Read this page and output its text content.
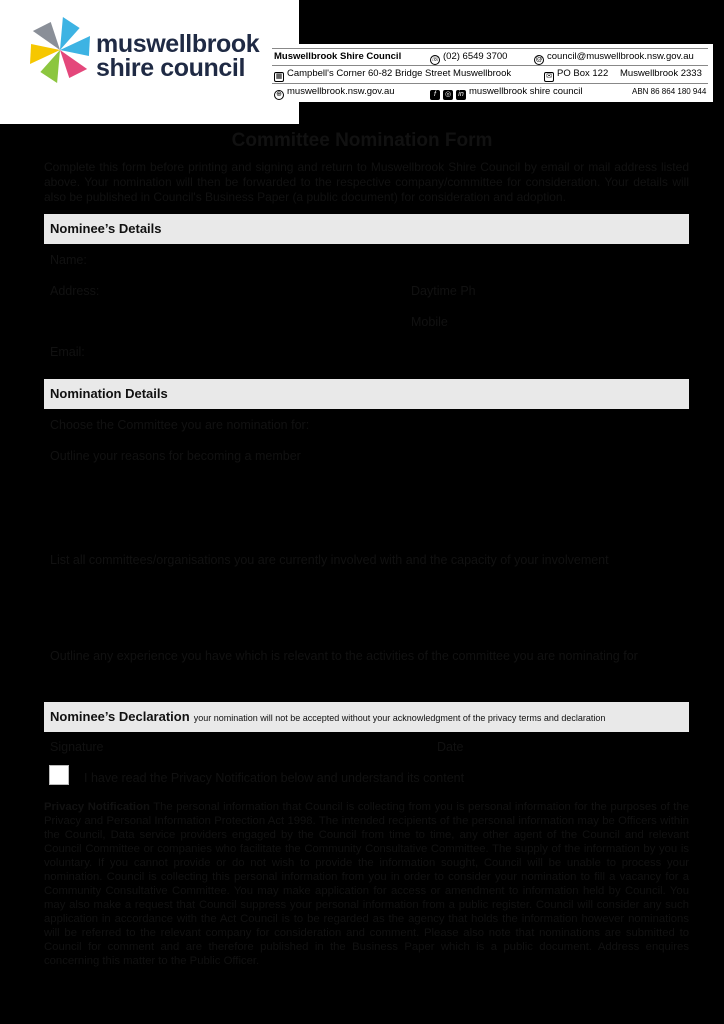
muswellbrook
shire council	Muswellbrook Shire Council	☏ (02) 6549 3700	@ council@muswellbrook.nsw.gov.au
▦ Campbell's Corner 60-82 Bridge Street Muswellbrook	✉ PO Box 122 Muswellbrook 2333
⊕ muswellbrook.nsw.gov.au	f ◎ in muswellbrook shire council	ABN 86 864 180 944
Committee Nomination Form
Complete this form before printing and signing and return to Muswellbrook Shire Council by email or mail address listed above. Your nomination will then be forwarded to the respective company/committee for consideration. Your details will also be published in Council's Business Paper (a public document) for consideration and adoption.
Nominee’s Details
Name:
Address:	Daytime Ph
Mobile
Email:
Nomination Details
Choose the Committee you are nomination for:
Outline your reasons for becoming a member
List all committees/organisations you are currently involved with and the capacity of your involvement
Outline any experience you have which is relevant to the activities of the committee you are nominating for
Nominee’s Declaration your nomination will not be accepted without your acknowledgment of the privacy terms and declaration
Signature	Date
I have read the Privacy Notification below and understand its content
Privacy Notification The personal information that Council is collecting from you is personal information for the purposes of the Privacy and Personal Information Protection Act 1998. The intended recipients of the personal information may be Officers within the Council, Data service providers engaged by the Council from time to time, any other agent of the Council and relevant Council Committee or companies who facilitate the Community Consultative Committee. The supply of the information by you is voluntary. If you cannot provide or do not wish to provide the information sought, Council will be unable to process your nomination. Council is collecting this personal information from you in order to consider your nomination to fill a vacancy for a Community Consultative Committee. You may make application for access or amendment to information held by Council. You may also make a request that Council suppress your personal information from a public register. Council will consider any such application in accordance with the Act Council is to be regarded as the agency that holds the information however nominations will be referred to the relevant company for consideration and comment. Please also note that nominations are submitted to Council for comment and are therefore published in the Business Paper which is a public document. Address enquires concerning this matter to the Public Officer.
